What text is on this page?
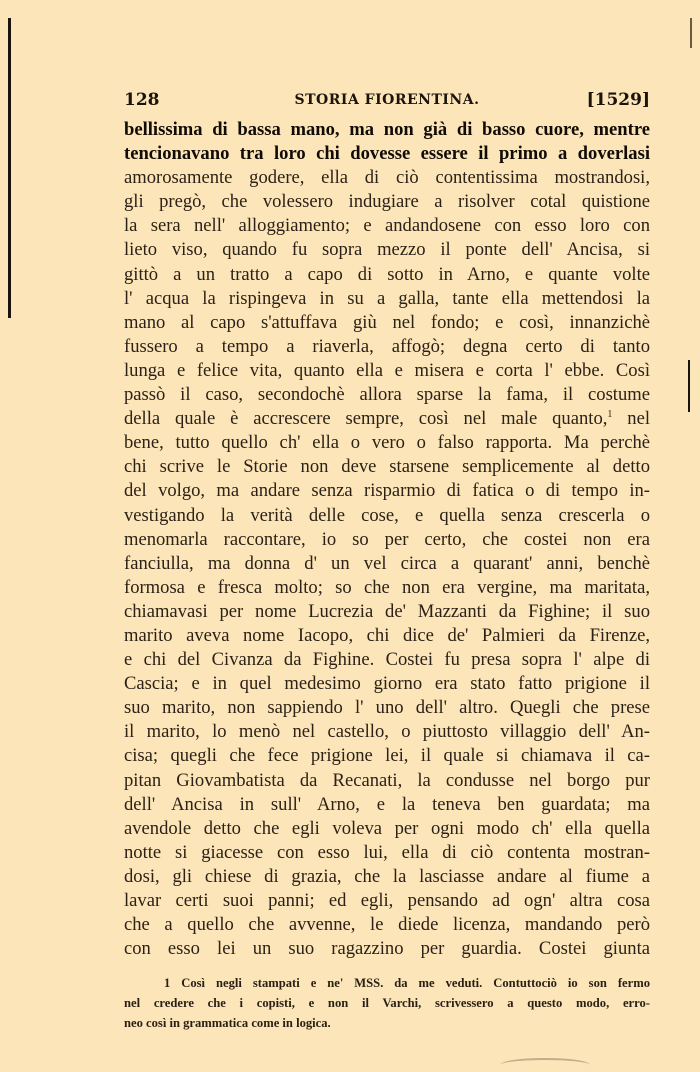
128	STORIA FIORENTINA.	[1529]
bellissima di bassa mano, ma non già di basso cuore, mentre
tencionavano tra loro chi dovesse essere il primo a doverlasi
amorosamente godere, ella di ciò contentissima mostrandosi,
gli pregò, che volessero indugiare a risolver cotal quistione
la sera nell' alloggiamento; e andandosene con esso loro con
lieto viso, quando fu sopra mezzo il ponte dell' Ancisa, si
gittò a un tratto a capo di sotto in Arno, e quante volte
l' acqua la rispingeva in su a galla, tante ella mettendosi la
mano al capo s'attuffava giù nel fondo; e così, innanzichè
fussero a tempo a riaverla, affogò; degna certo di tanto
lunga e felice vita, quanto ella e misera e corta l' ebbe. Così
passò il caso, secondochè allora sparse la fama, il costume
della quale è accrescere sempre, così nel male quanto,$^1$ nel
bene, tutto quello ch' ella o vero o falso rapporta. Ma perchè
chi scrive le Storie non deve starsene semplicemente al detto
del volgo, ma andare senza risparmio di fatica o di tempo in-
vestigando la verità delle cose, e quella senza crescerla o
menomarla raccontare, io so per certo, che costei non era
fanciulla, ma donna d' un vel circa a quarant' anni, benchè
formosa e fresca molto; so che non era vergine, ma maritata,
chiamavasi per nome Lucrezia de' Mazzanti da Fighine; il suo
marito aveva nome Iacopo, chi dice de' Palmieri da Firenze,
e chi del Civanza da Fighine. Costei fu presa sopra l' alpe di
Cascia; e in quel medesimo giorno era stato fatto prigione il
suo marito, non sappiendo l' uno dell' altro. Quegli che prese
il marito, lo menò nel castello, o piuttosto villaggio dell' An-
cisa; quegli che fece prigione lei, il quale si chiamava il ca-
pitan Giovambatista da Recanati, la condusse nel borgo pur
dell' Ancisa in sull' Arno, e la teneva ben guardata; ma
avendole detto che egli voleva per ogni modo ch' ella quella
notte si giacesse con esso lui, ella di ciò contenta mostran-
dosi, gli chiese di grazia, che la lasciasse andare al fiume a
lavar certi suoi panni; ed egli, pensando ad ogn' altra cosa
che a quello che avvenne, le diede licenza, mandando però
con esso lei un suo ragazzino per guardia. Costei giunta
1 Così negli stampati e ne' MSS. da me veduti. Contuttociò io son fermo
nel credere che i copisti, e non il Varchi, scrivessero a questo modo, erro-
neo così in grammatica come in logica.
